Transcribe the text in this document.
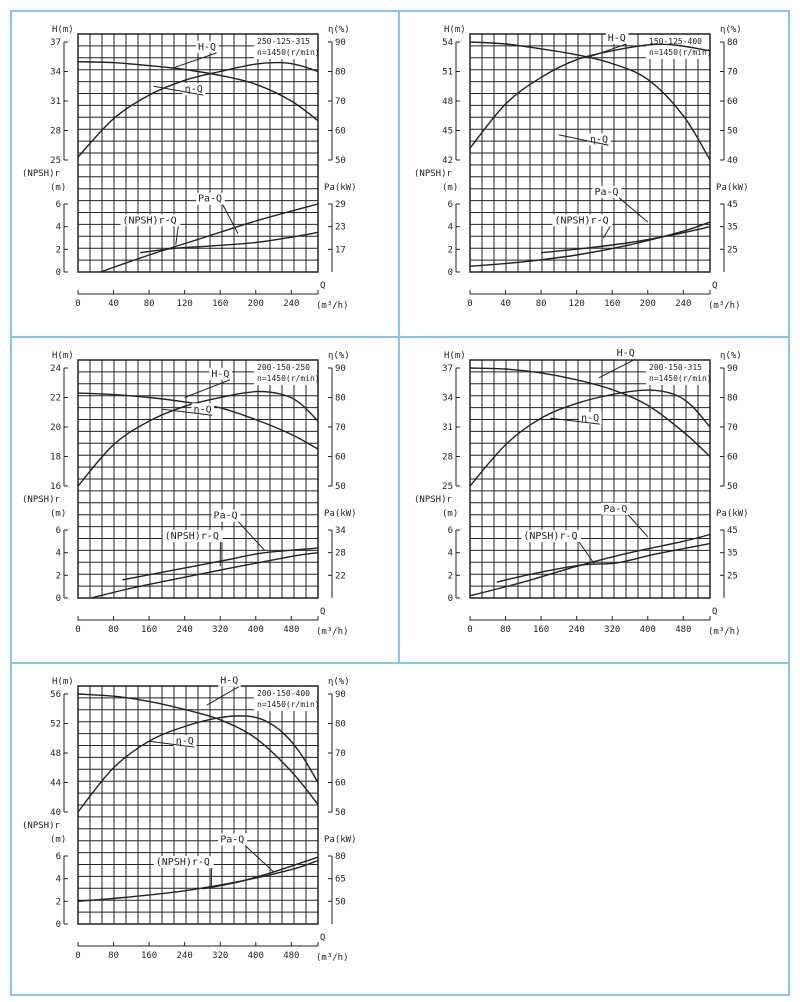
0	40	80 120 160 200 240
Q
(m³/h)
25
28
31
34
37
H(m)
0
2
4
6
(NPSH)r
(m)
50
60
70
80
90
η(%)
17
23
29
Pa(kW)
250-125-315
n=1450(r/min)
H-Q
η-Q
Pa-Q
(NPSH)r-Q
0	40	80 120 160 200 240
Q
(m³/h)
42
45
48
51
54
H(m)
0
2
4
6
(NPSH)r
(m)
40
50
60
70
80
η(%)
25
35
45
Pa(kW)
150-125-400
n=1450(r/min)
H-Q
η-Q
Pa-Q
(NPSH)r-Q
0	80 160 240 320 400 480
Q
(m³/h)
16
18
20
22
24
H(m)
0
2
4
6
(NPSH)r
(m)
50
60
70
80
90
η(%)
22
28
34
Pa(kW)
200-150-250
n=1450(r/min)
H-Q
η-Q
Pa-Q
(NPSH)r-Q
0	80 160 240 320 400 480
Q
(m³/h)
25
28
31
34
37
H(m)
0
2
4
6
(NPSH)r
(m)
50
60
70
80
90
η(%)
25
35
45
Pa(kW)
200-150-315
n=1450(r/min)
H-Q
η-Q
Pa-Q
(NPSH)r-Q
0	80 160 240 320 400 480
Q
(m³/h)
40
44
48
52
56
H(m)
0
2
4
6
(NPSH)r
(m)
50
60
70
80
90
η(%)
50
65
80
Pa(kW)
200-150-400
n=1450(r/min)
H-Q
η-Q
Pa-Q
(NPSH)r-Q
